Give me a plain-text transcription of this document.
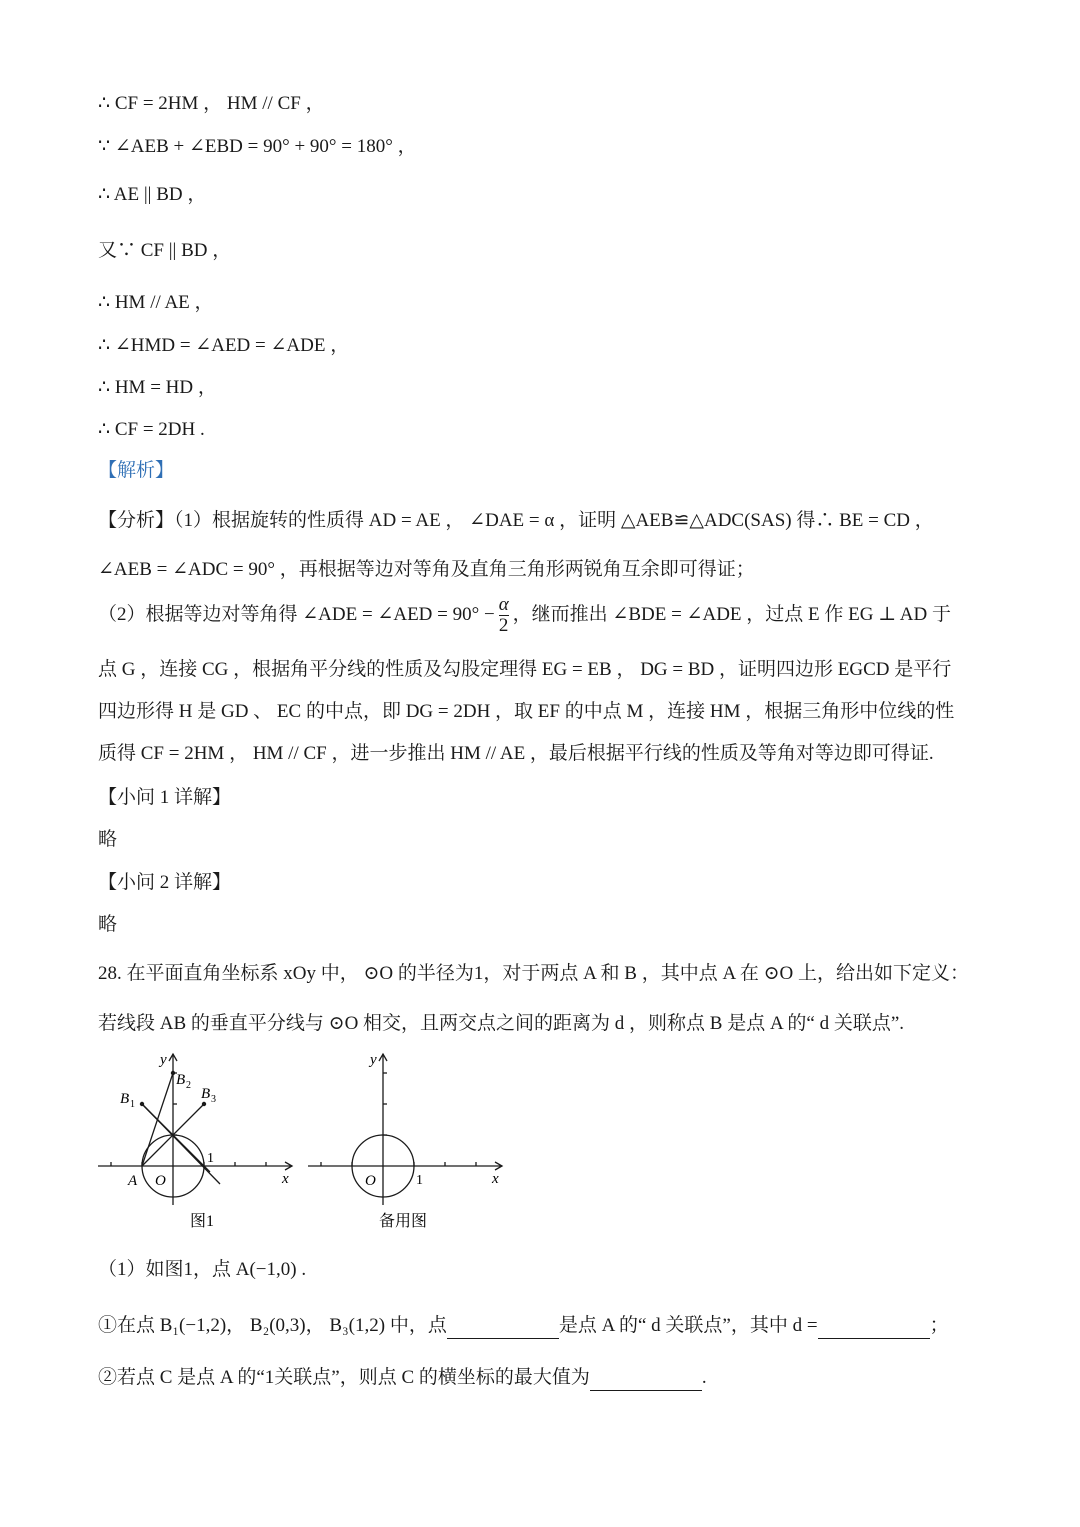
∴ CF = 2HM ， HM // CF ，
∵ ∠AEB + ∠EBD = 90° + 90° = 180° ，
∴ AE || BD ，
又∵ CF || BD ，
∴ HM // AE ，
∴ ∠HMD = ∠AED = ∠ADE ，
∴ HM = HD ，
∴ CF = 2DH .
【解析】
【分析】（1）根据旋转的性质得 AD = AE ， ∠DAE = α ，证明 △AEB≌△ADC(SAS) 得∴ BE = CD ，
∠AEB = ∠ADC = 90° ，再根据等边对等角及直角三角形两锐角互余即可得证；
（2）根据等边对等角得 ∠ADE = ∠AED = $90^\circ - \frac{\alpha}{2}$ ，继而推出 ∠BDE = ∠ADE ，过点 E 作 EG ⊥ AD 于
点 G ，连接 CG ，根据角平分线的性质及勾股定理得 EG = EB ， DG = BD ，证明四边形 EGCD 是平行
四边形得 H 是 GD 、 EC 的中点，即 DG = 2DH ，取 EF 的中点 M ，连接 HM ，根据三角形中位线的性
质得 CF = 2HM ， HM // CF ，进一步推出 HM // AE ，最后根据平行线的性质及等角对等边即可得证.
【小问 1 详解】
略
【小问 2 详解】
略
28. 在平面直角坐标系 xOy 中， ⊙O 的半径为1，对于两点 A 和 B ，其中点 A 在 ⊙O 上，给出如下定义：
若线段 AB 的垂直平分线与 ⊙O 相交，且两交点之间的距离为 d ，则称点 B 是点 A 的“ d 关联点”.
y
x
O
A
1
B 1
B 2
B 3
图1
y
x
O	1
备用图
（1）如图1，点 A(−1,0) .
①在点 B₁(−1,2)， B₂(0,3)， B₃(1,2) 中，点	是点 A 的“ d 关联点”，其中 d =	；
②若点 C 是点 A 的“1关联点”，则点 C 的横坐标的最大值为	.
